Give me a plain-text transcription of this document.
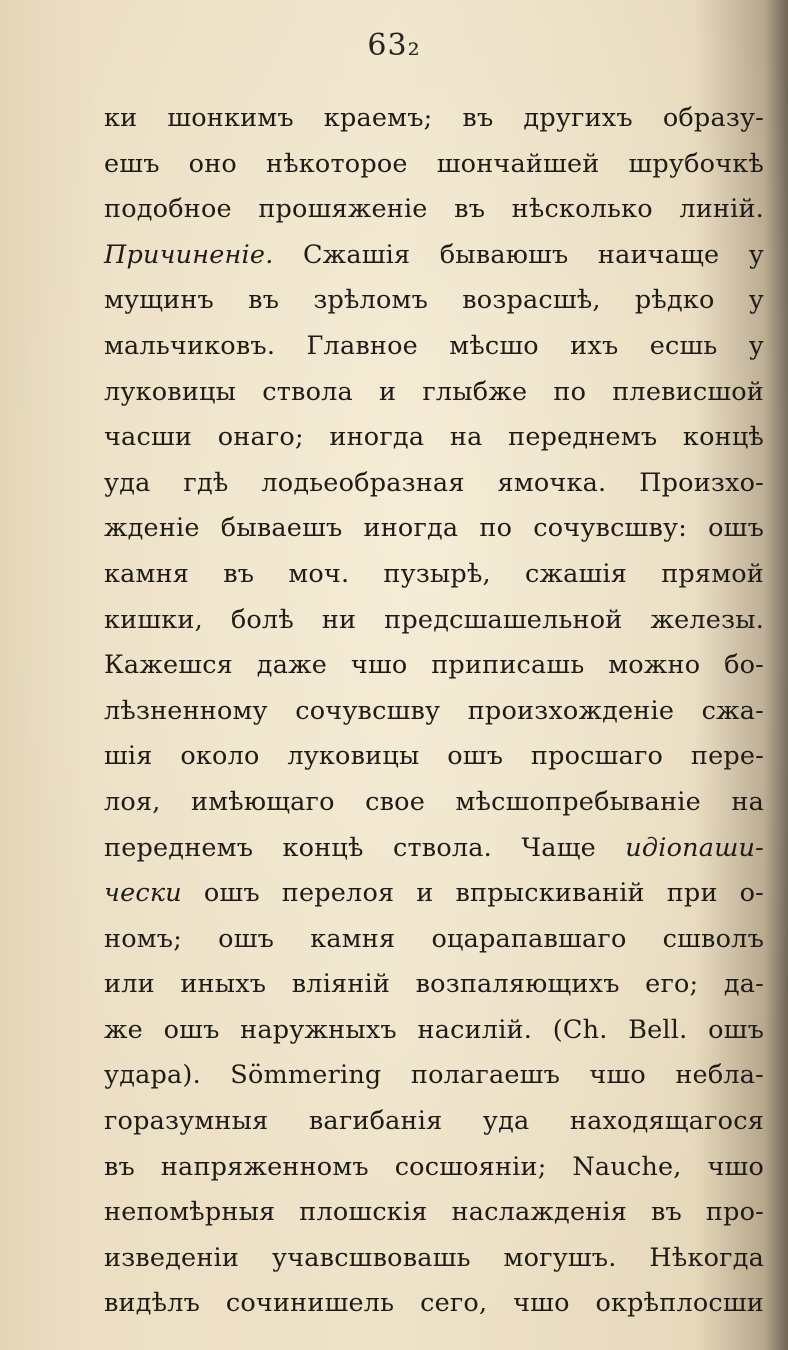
63₂
ки шонкимъ краемъ; въ другихъ образу-
ешъ оно нѣкоторое шончайшей шрубочкѣ
подобное прошяженіе въ нѣсколько линій.
Причиненіе. Сжашія бываюшъ наичаще у
мущинъ въ зрѣломъ возрасшѣ, рѣдко у
мальчиковъ. Главное мѣсшо ихъ есшь у
луковицы ствола и глыбже по плевисшой
часши онаго; иногда на переднемъ концѣ
уда гдѣ лодьеобразная ямочка. Произхо-
жденіе бываешъ иногда по сочувсшву: ошъ
камня въ моч. пузырѣ, сжашія прямой
кишки, болѣ ни предсшашельной железы.
Кажешся даже чшо приписашь можно бо-
лѣзненному сочувсшву произхожденіе сжа-
шія около луковицы ошъ просшаго пере-
лоя, имѣющаго свое мѣсшопребываніе на
переднемъ концѣ ствола. Чаще идіопаши-
чески ошъ перелоя и впрыскиваній при о-
номъ; ошъ камня оцарапавшаго сшволъ
или иныхъ вліяній возпаляющихъ его; да-
же ошъ наружныхъ насилій. (Ch. Bell. ошъ
удара). Sömmering полагаешъ чшо небла-
горазумныя вагибанія уда находящагося
въ напряженномъ сосшояніи; Nauche, чшо
непомѣрныя плошскія наслажденія въ про-
изведеніи учавсшвовашь могушъ. Нѣкогда
видѣлъ сочинишель сего, чшо окрѣплосши
